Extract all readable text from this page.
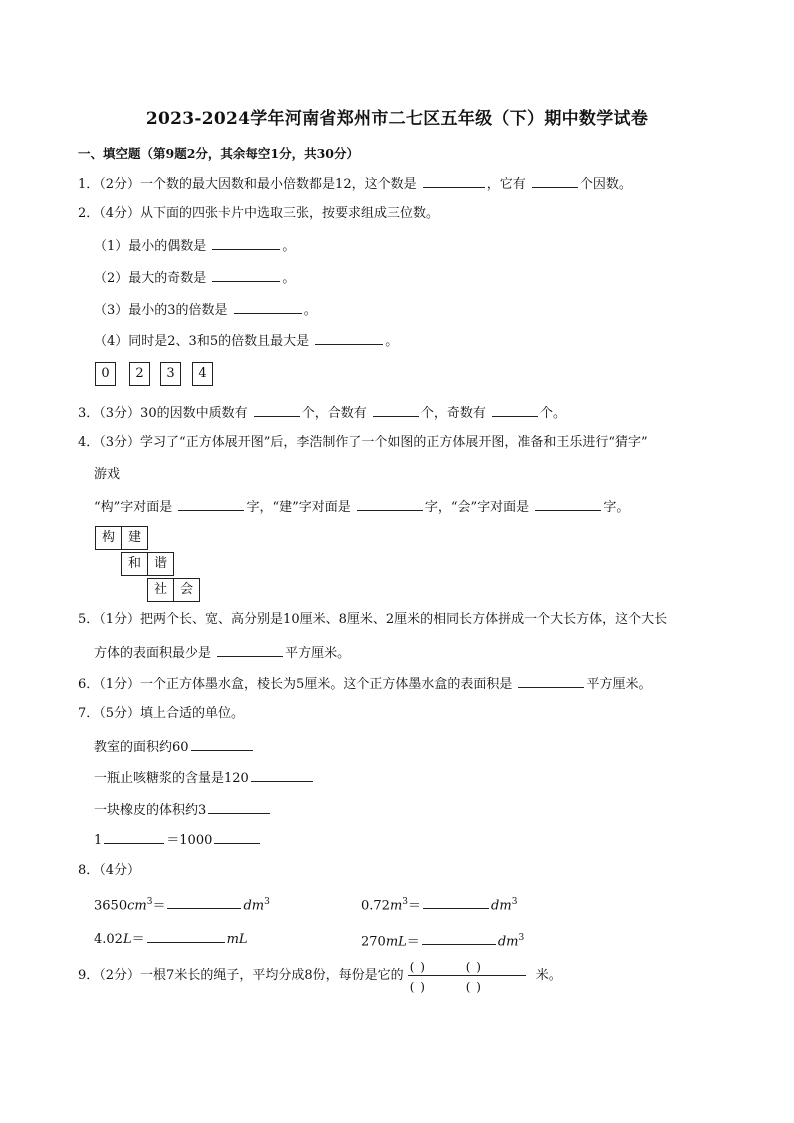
2023-2024学年河南省郑州市二七区五年级（下）期中数学试卷
一、填空题（第9题2分，其余每空1分，共30分）
1．（2分）一个数的最大因数和最小倍数都是12，这个数是	，它有	个因数。
2．（4分）从下面的四张卡片中选取三张，按要求组成三位数。
（1）最小的偶数是	。
（2）最大的奇数是	。
（3）最小的3的倍数是	。
（4）同时是2、3和5的倍数且最大是	。
0	2	3	4
3．（3分）30的因数中质数有	个，合数有	个，奇数有	个。
4．（3分）学习了“正方体展开图”后，李浩制作了一个如图的正方体展开图，准备和王乐进行“猜字”
游戏
“构”字对面是	字，“建”字对面是	字，“会”字对面是	字。
构 建
和 谐
社 会
5．（1分）把两个长、宽、高分别是10厘米、8厘米、2厘米的相同长方体拼成一个大长方体，这个大长
方体的表面积最少是	平方厘米。
6．（1分）一个正方体墨水盒，棱长为5厘米。这个正方体墨水盒的表面积是	平方厘米。
7．（5分）填上合适的单位。
教室的面积约60
一瓶止咳糖浆的含量是120
一块橡皮的体积约3
1	＝1000
8．（4分）
$3650cm^3=$	$dm^3$	$0.72m^3=$	$dm^3$
4.02L＝	mL	270mL＝	$dm^3$
9．（2分）一根7米长的绳子，平均分成8份，每份是它的
( )	( )
( )	( )
米。
